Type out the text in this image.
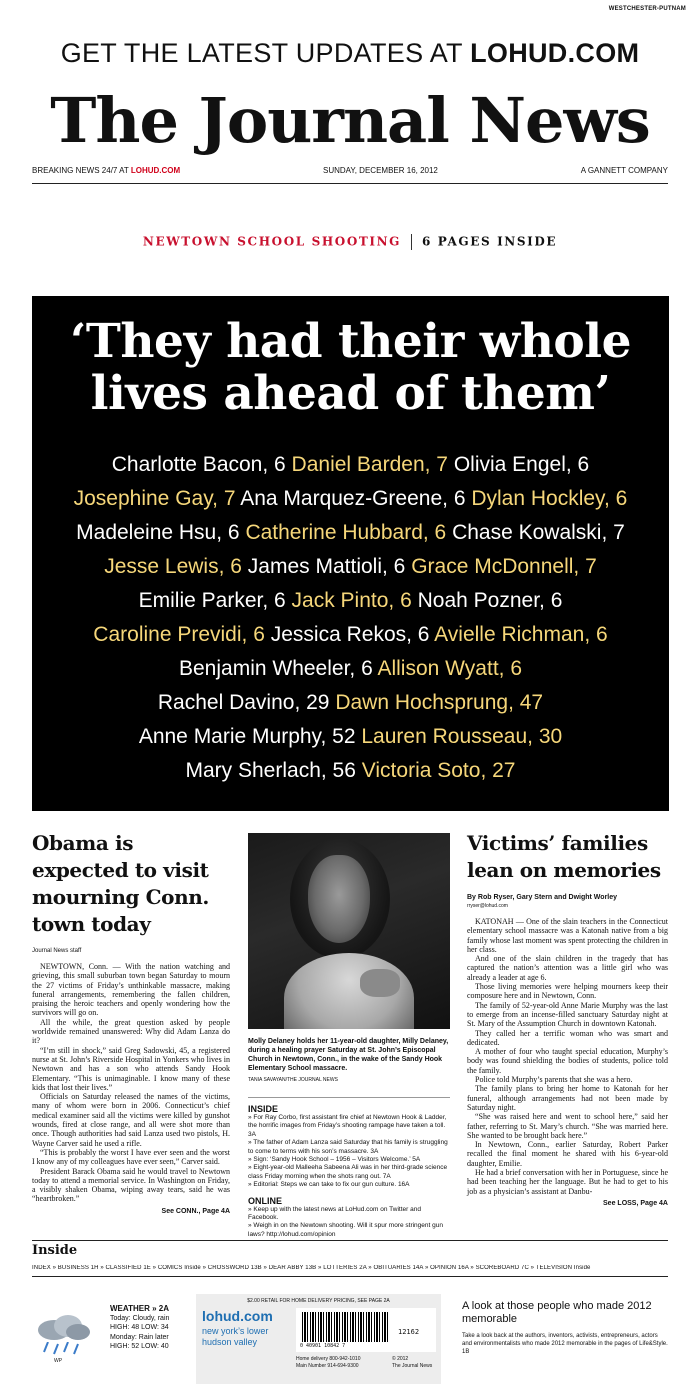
WESTCHESTER-PUTNAM
GET THE LATEST UPDATES AT LOHUD.COM
The Journal News
BREAKING NEWS 24/7 AT LOHUD.COM	SUNDAY, DECEMBER 16, 2012	A GANNETT COMPANY
NEWTOWN SCHOOL SHOOTING 6 PAGES INSIDE
‘They had their whole
lives ahead of them’
Charlotte Bacon, 6 Daniel Barden, 7 Olivia Engel, 6
Josephine Gay, 7 Ana Marquez-Greene, 6 Dylan Hockley, 6
Madeleine Hsu, 6 Catherine Hubbard, 6 Chase Kowalski, 7
Jesse Lewis, 6 James Mattioli, 6 Grace McDonnell, 7
Emilie Parker, 6 Jack Pinto, 6 Noah Pozner, 6
Caroline Previdi, 6 Jessica Rekos, 6 Avielle Richman, 6
Benjamin Wheeler, 6 Allison Wyatt, 6
Rachel Davino, 29 Dawn Hochsprung, 47
Anne Marie Murphy, 52 Lauren Rousseau, 30
Mary Sherlach, 56 Victoria Soto, 27
Obama is expected to visit mourning Conn. town today
Journal News staff

NEWTOWN, Conn. — With the nation watching and grieving, this small suburban town began Saturday to mourn the 27 victims of Friday’s unthinkable massacre, making funeral arrangements, remembering the fallen children, praising the heroic teachers and openly wondering how the survivors will go on.

All the while, the great question asked by people worldwide remained unanswered: Why did Adam Lanza do it?

“I’m still in shock,” said Greg Sadowski, 45, a registered nurse at St. John’s Riverside Hospital in Yonkers who lives in Newtown and has a son who attends Sandy Hook Elementary. “This is unimaginable. I know many of these kids that lost their lives.”

Officials on Saturday released the names of the victims, many of whom were born in 2006. Connecticut’s chief medical examiner said all the victims were killed by gunshot wounds, fired at close range, and all were shot more than once. Though authorities had said Lanza used two pistols, H. Wayne Carver said he used a rifle.

“This is probably the worst I have ever seen and the worst I know any of my colleagues have ever seen,” Carver said.

President Barack Obama said he would travel to Newtown today to attend a memorial service. In Washington on Friday, a visibly shaken Obama, wiping away tears, said he was “heartbroken.”

See CONN., Page 4A
Molly Delaney holds her 11-year-old daughter, Milly Delaney, during a healing prayer Saturday at St. John’s Episcopal Church in Newtown, Conn., in the wake of the Sandy Hook Elementary School massacre.
TANIA SAVAYAN/THE JOURNAL NEWS
INSIDE
» For Ray Corbo, first assistant fire chief at Newtown Hook & Ladder, the horrific images from Friday’s shooting rampage have taken a toll. 3A
» The father of Adam Lanza said Saturday that his family is struggling to come to terms with his son’s massacre. 3A
» Sign: ‘Sandy Hook School – 1956 – Visitors Welcome.’ 5A
» Eight-year-old Malleeha Sabeena Ali was in her third-grade science class Friday morning when the shots rang out. 7A
» Editorial: Steps we can take to fix our gun culture. 16A
ONLINE
» Keep up with the latest news at LoHud.com on Twitter and Facebook.
» Weigh in on the Newtown shooting. Will it spur more stringent gun laws? http://lohud.com/opinion
Victims’ families lean on memories
By Rob Ryser, Gary Stern and Dwight Worley
rryser@lohud.com

KATONAH — One of the slain teachers in the Connecticut elementary school massacre was a Katonah native from a big family whose last moment was spent protecting the children in her class.

And one of the slain children in the tragedy that has captured the nation’s attention was a little girl who was already a leader at age 6.

Those living memories were helping mourners keep their composure here and in Newtown, Conn.

The family of 52-year-old Anne Marie Murphy was the last to emerge from an incense-filled sanctuary Saturday night at St. Mary of the Assumption Church in downtown Katonah.

They called her a terrific woman who was smart and dedicated.

A mother of four who taught special education, Murphy’s body was found shielding the bodies of students, police told the family.

Police told Murphy’s parents that she was a hero.

The family plans to bring her home to Katonah for her funeral, although arrangements had not been made by Saturday night.

“She was raised here and went to school here,” said her father, referring to St. Mary’s church. “She was married here. She wanted to be brought back here.”

In Newtown, Conn., earlier Saturday, Robert Parker recalled the final moment he shared with his 6-year-old daughter, Emilie.

He had a brief conversation with her in Portuguese, since he had been teaching her the language. But he had to get to his job as a physician’s assistant at Danbu-

See LOSS, Page 4A
Inside
INDEX » BUSINESS 1H » CLASSIFIED 1E » COMICS Inside » CROSSWORD 13B » DEAR ABBY 13B » LOTTERIES 2A » OBITUARIES 14A » OPINION 16A » SCOREBOARD 7C » TELEVISION Inside
WP
WEATHER » 2A
Today: Cloudy, rain
HIGH: 48 LOW: 34
Monday: Rain later
HIGH: 52 LOW: 40
$2.00 RETAIL FOR HOME DELIVERY PRICING, SEE PAGE 2A
lohud.com
new york’s lower
hudson valley	0 40901 10842 7
12162
Home delivery 800-942-1010
Main Number 914-694-9300
© 2012
The Journal News
A look at those people who made 2012 memorable
Take a look back at the authors, inventors, activists, entrepreneurs, actors and environmentalists who made 2012 memorable in the pages of Life&Style. 1B
